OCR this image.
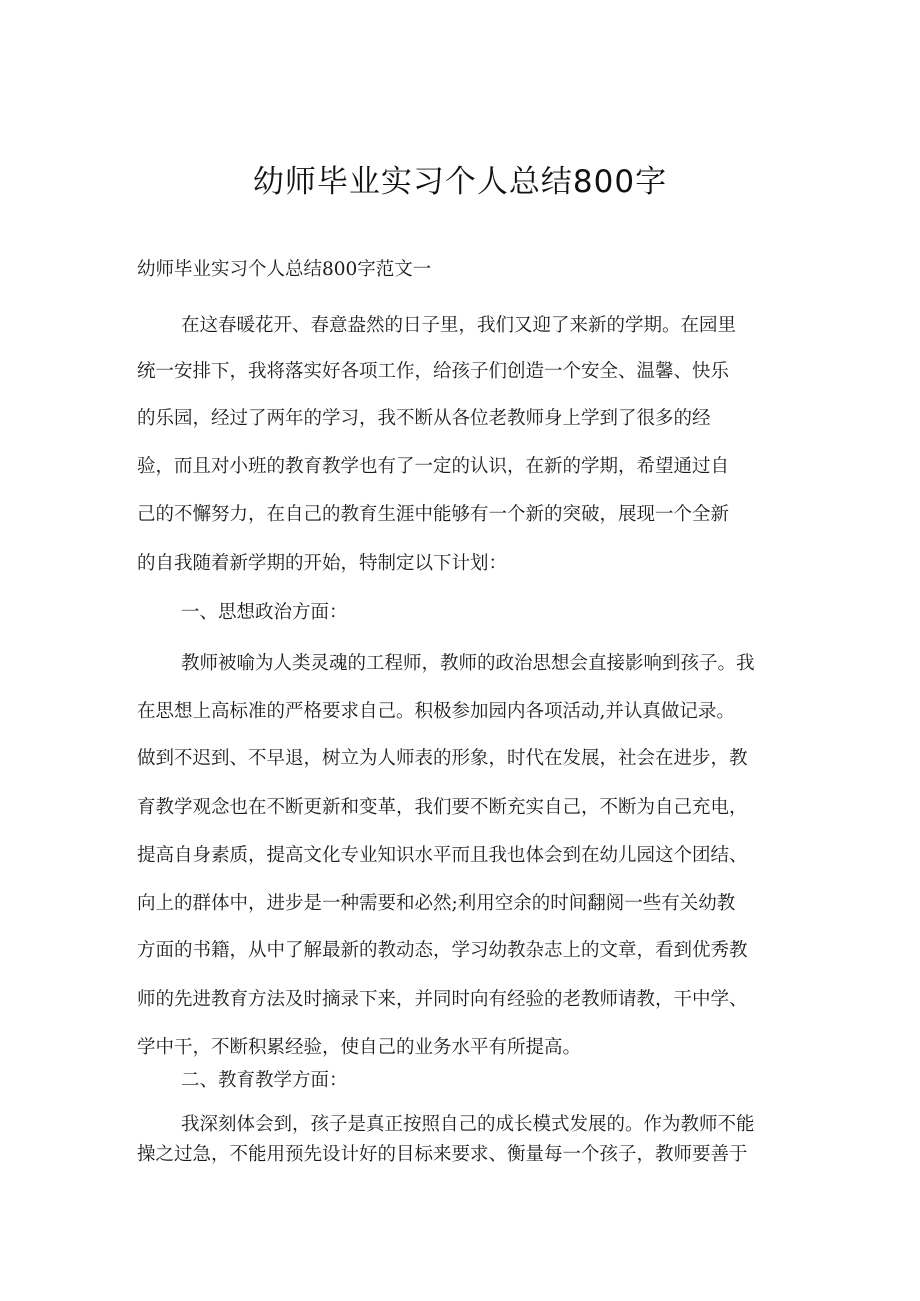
幼师毕业实习个人总结800字

幼师毕业实习个人总结800字范文一

在这春暖花开、春意盎然的日子里，我们又迎了来新的学期。在园里

统一安排下，我将落实好各项工作，给孩子们创造一个安全、温馨、快乐

的乐园，经过了两年的学习，我不断从各位老教师身上学到了很多的经

验，而且对小班的教育教学也有了一定的认识，在新的学期，希望通过自

己的不懈努力，在自己的教育生涯中能够有一个新的突破，展现一个全新

的自我随着新学期的开始，特制定以下计划：

一、思想政治方面：

教师被喻为人类灵魂的工程师，教师的政治思想会直接影响到孩子。我

在思想上高标准的严格要求自己。积极参加园内各项活动,并认真做记录。

做到不迟到、不早退，树立为人师表的形象，时代在发展，社会在进步，教

育教学观念也在不断更新和变革，我们要不断充实自己，不断为自己充电，

提高自身素质，提高文化专业知识水平而且我也体会到在幼儿园这个团结、

向上的群体中，进步是一种需要和必然;利用空余的时间翻阅一些有关幼教

方面的书籍，从中了解最新的教动态，学习幼教杂志上的文章，看到优秀教

师的先进教育方法及时摘录下来，并同时向有经验的老教师请教，干中学、

学中干，不断积累经验，使自己的业务水平有所提高。

二、教育教学方面：

我深刻体会到，孩子是真正按照自己的成长模式发展的。作为教师不能

操之过急，不能用预先设计好的目标来要求、衡量每一个孩子，教师要善于
